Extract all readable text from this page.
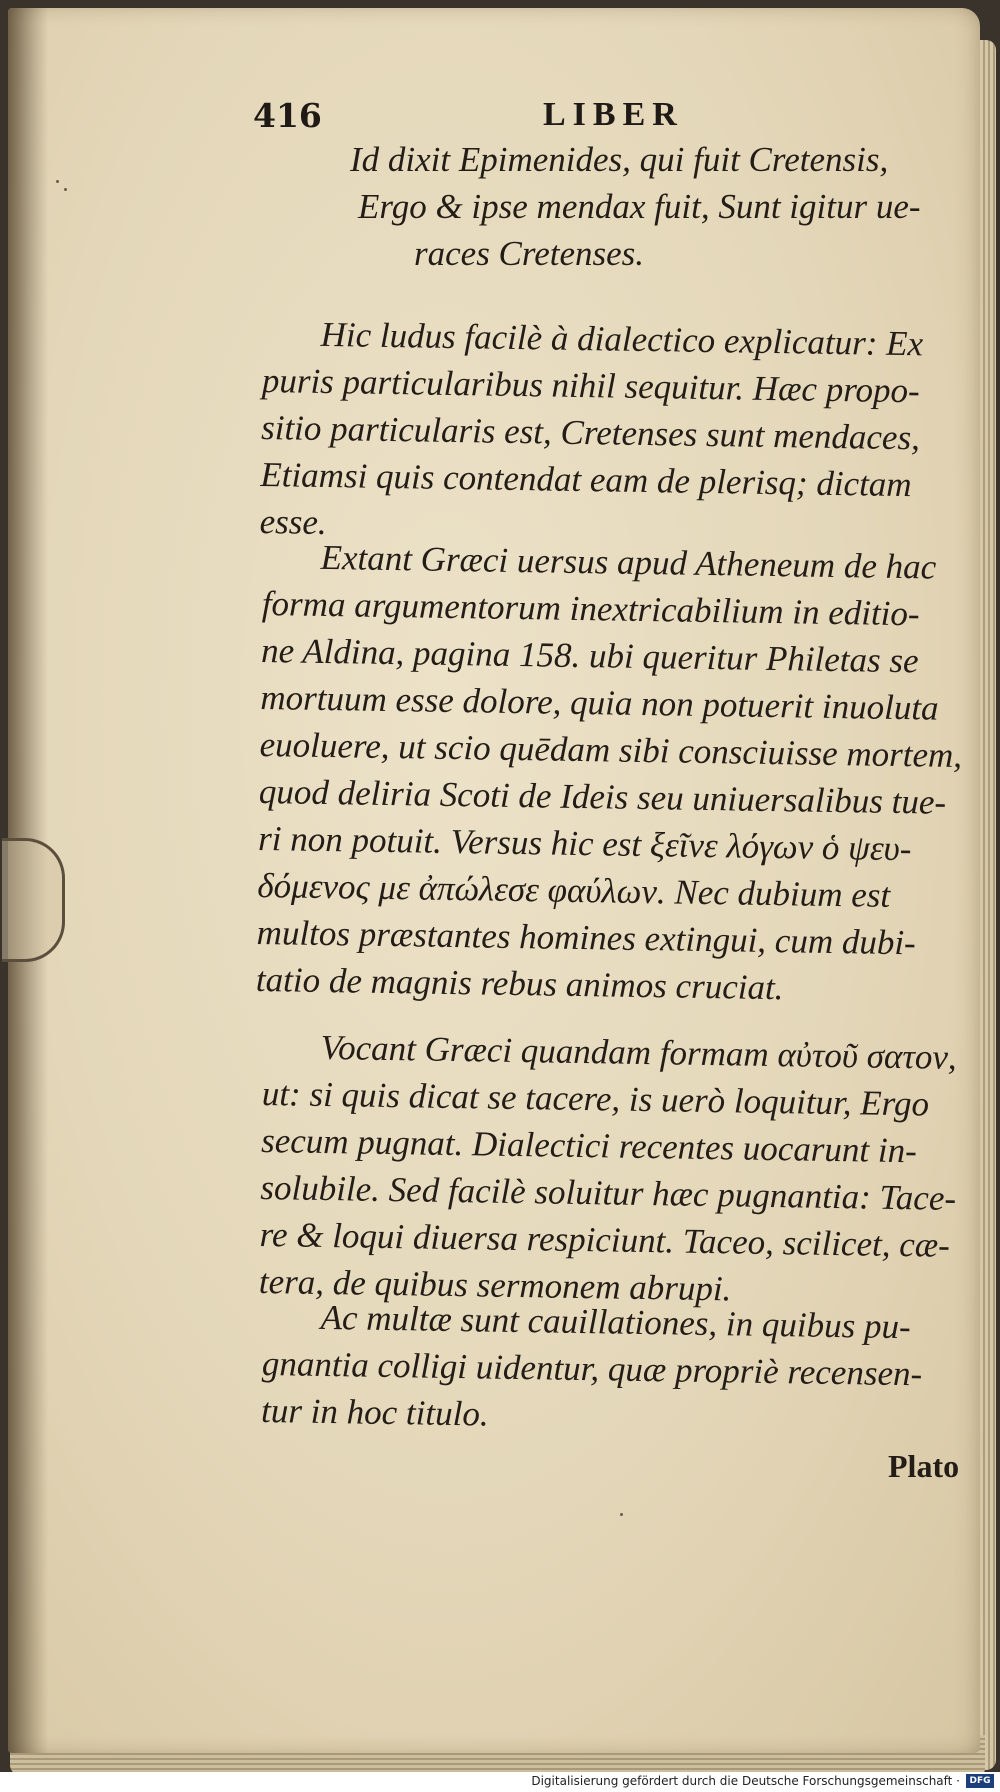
416	LIBER
Id dixit Epimenides, qui fuit Cretensis,
Ergo & ipse mendax fuit, Sunt igitur ue-
races Cretenses.
Hic ludus facilè à dialectico explicatur: Ex
puris particularibus nihil sequitur. Hæc propo-
sitio particularis est, Cretenses sunt mendaces,
Etiamsi quis contendat eam de plerisq; dictam
esse.
Extant Græci uersus apud Atheneum de hac
forma argumentorum inextricabilium in editio-
ne Aldina, pagina 158. ubi queritur Philetas se
mortuum esse dolore, quia non potuerit inuoluta
euoluere, ut scio quēdam sibi consciuisse mortem,
quod deliria Scoti de Ideis seu uniuersalibus tue-
ri non potuit. Versus hic est ξεῖνε λόγων ὁ ψευ-
δόμενος με ἀπώλεσε φαύλων. Nec dubium est
multos præstantes homines extingui, cum dubi-
tatio de magnis rebus animos cruciat.
Vocant Græci quandam formam αὐτοῦ σατον,
ut: si quis dicat se tacere, is uerò loquitur, Ergo
secum pugnat. Dialectici recentes uocarunt in-
solubile. Sed facilè soluitur hæc pugnantia: Tace-
re & loqui diuersa respiciunt. Taceo, scilicet, cæ-
tera, de quibus sermonem abrupi.
Ac multæ sunt cauillationes, in quibus pu-
gnantia colligi uidentur, quæ propriè recensen-
tur in hoc titulo.
Plato
Digitalisierung gefördert durch die Deutsche Forschungsgemeinschaft ·	DFG
